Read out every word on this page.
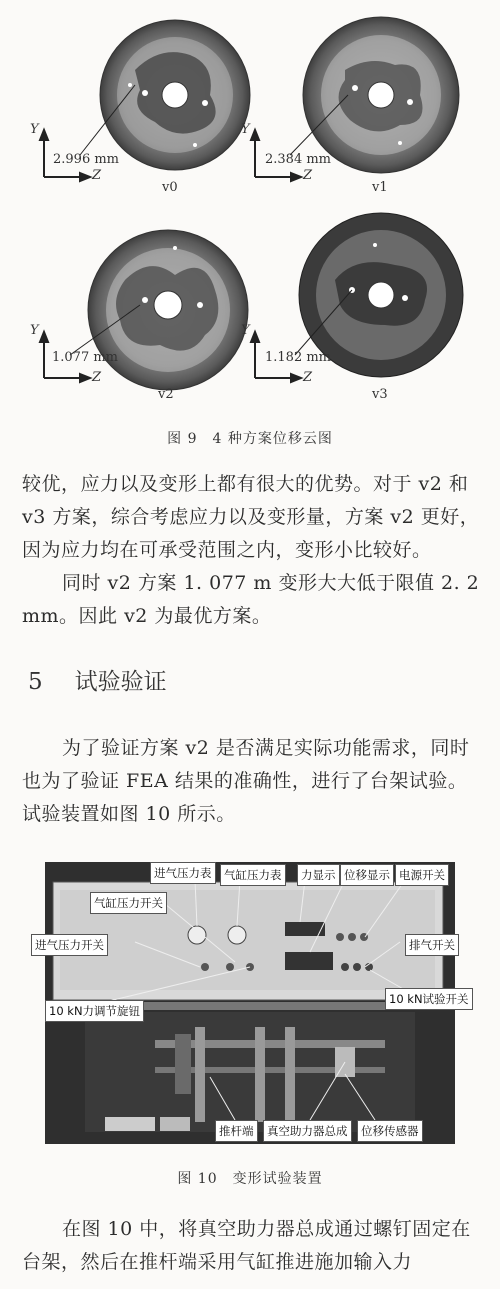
Y
2.996 mm
Z
v0
Y
2.384 mm
Z
v1
Y
1.077 mm
Z
v2
Y
1.182 mm
Z
v3
图 9　4 种方案位移云图
较优，应力以及变形上都有很大的优势。对于 v2 和 v3 方案，综合考虑应力以及变形量，方案 v2 更好，因为应力均在可承受范围之内，变形小比较好。
同时 v2 方案 1. 077 m 变形大大低于限值 2. 2 mm。因此 v2 为最优方案。
5 试验验证
为了验证方案 v2 是否满足实际功能需求，同时也为了验证 FEA 结果的准确性，进行了台架试验。试验装置如图 10 所示。
进气压力表	气缸压力表	力显示 位移显示 电源开关
气缸压力开关
进气压力开关	排气开关
10 kN力调节旋钮
10 kN试验开关
推杆端	真空助力器总成	位移传感器
图 10　变形试验装置
在图 10 中，将真空助力器总成通过螺钉固定在台架，然后在推杆端采用气缸推进施加输入力
